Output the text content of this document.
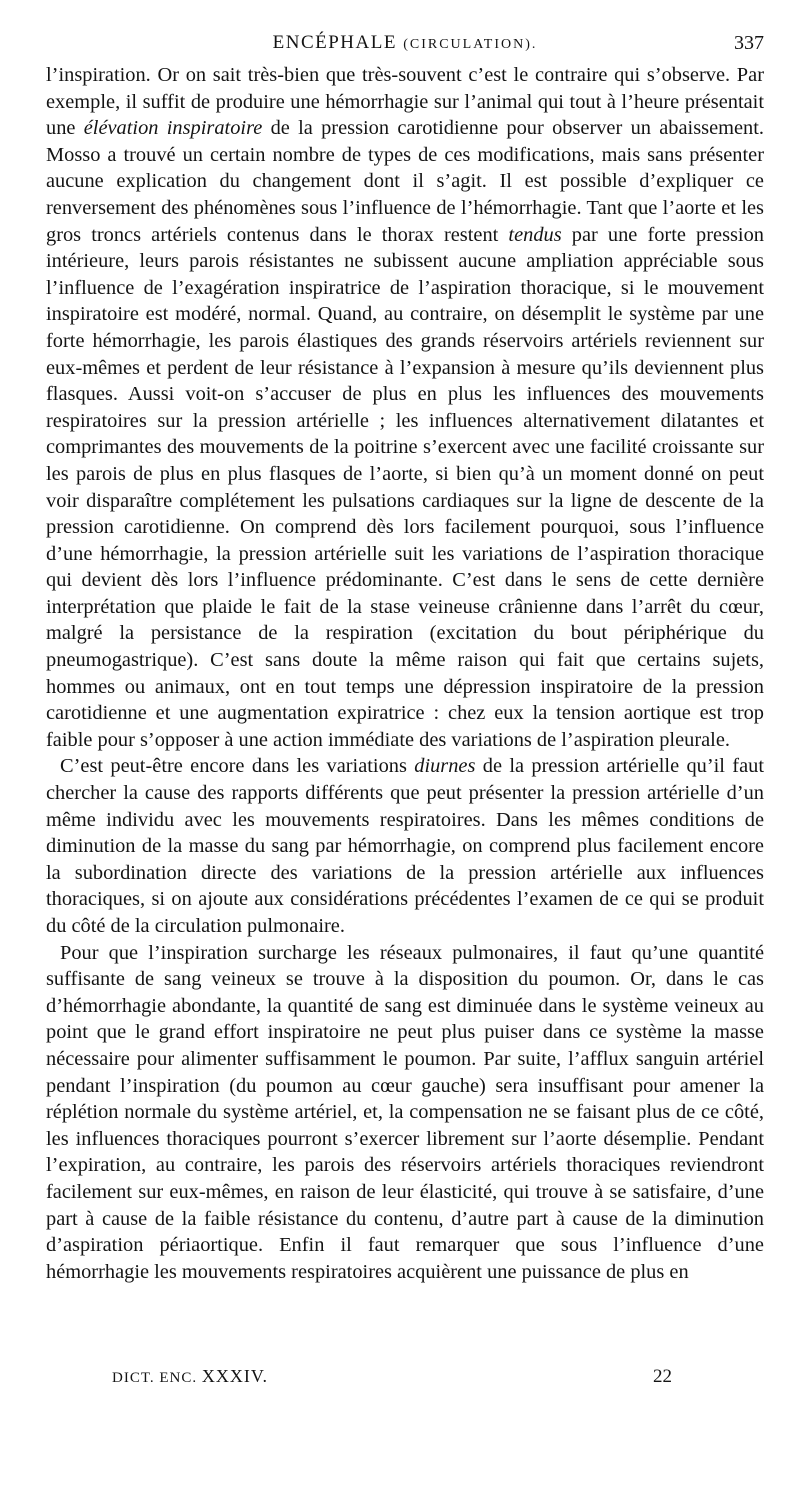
ENCÉPHALE (CIRCULATION).	337

l’inspiration. Or on sait très-bien que très-souvent c’est le contraire qui s’observe. Par exemple, il suffit de produire une hémorrhagie sur l’animal qui tout à l’heure présentait une élévation inspiratoire de la pression carotidienne pour observer un abaissement. Mosso a trouvé un certain nombre de types de ces modifications, mais sans présenter aucune explication du changement dont il s’agit. Il est possible d’expliquer ce renversement des phénomènes sous l’influence de l’hémorrhagie. Tant que l’aorte et les gros troncs artériels contenus dans le thorax restent tendus par une forte pression intérieure, leurs parois résistantes ne subissent aucune ampliation appréciable sous l’influence de l’exagération inspiratrice de l’aspiration thoracique, si le mouvement inspiratoire est modéré, normal. Quand, au contraire, on désemplit le système par une forte hémorrhagie, les parois élastiques des grands réservoirs artériels reviennent sur eux-mêmes et perdent de leur résistance à l’expansion à mesure qu’ils deviennent plus flasques. Aussi voit-on s’accuser de plus en plus les influences des mouvements respiratoires sur la pression artérielle ; les influences alternativement dilatantes et comprimantes des mouvements de la poitrine s’exercent avec une facilité croissante sur les parois de plus en plus flasques de l’aorte, si bien qu’à un moment donné on peut voir disparaître complétement les pulsations cardiaques sur la ligne de descente de la pression carotidienne. On comprend dès lors facilement pourquoi, sous l’influence d’une hémorrhagie, la pression artérielle suit les variations de l’aspiration thoracique qui devient dès lors l’influence prédominante. C’est dans le sens de cette dernière interprétation que plaide le fait de la stase veineuse crânienne dans l’arrêt du cœur, malgré la persistance de la respiration (excitation du bout périphérique du pneumogastrique). C’est sans doute la même raison qui fait que certains sujets, hommes ou animaux, ont en tout temps une dépression inspiratoire de la pression carotidienne et une augmentation expiratrice : chez eux la tension aortique est trop faible pour s’opposer à une action immédiate des variations de l’aspiration pleurale.

C’est peut-être encore dans les variations diurnes de la pression artérielle qu’il faut chercher la cause des rapports différents que peut présenter la pression artérielle d’un même individu avec les mouvements respiratoires. Dans les mêmes conditions de diminution de la masse du sang par hémorrhagie, on comprend plus facilement encore la subordination directe des variations de la pression artérielle aux influences thoraciques, si on ajoute aux considérations précédentes l’examen de ce qui se produit du côté de la circulation pulmonaire.

Pour que l’inspiration surcharge les réseaux pulmonaires, il faut qu’une quantité suffisante de sang veineux se trouve à la disposition du poumon. Or, dans le cas d’hémorrhagie abondante, la quantité de sang est diminuée dans le système veineux au point que le grand effort inspiratoire ne peut plus puiser dans ce système la masse nécessaire pour alimenter suffisamment le poumon. Par suite, l’afflux sanguin artériel pendant l’inspiration (du poumon au cœur gauche) sera insuffisant pour amener la réplétion normale du système artériel, et, la compensation ne se faisant plus de ce côté, les influences thoraciques pourront s’exercer librement sur l’aorte désemplie. Pendant l’expiration, au contraire, les parois des réservoirs artériels thoraciques reviendront facilement sur eux-mêmes, en raison de leur élasticité, qui trouve à se satisfaire, d’une part à cause de la faible résistance du contenu, d’autre part à cause de la diminution d’aspiration périaortique. Enfin il faut remarquer que sous l’influence d’une hémorrhagie les mouvements respiratoires acquièrent une puissance de plus en

DICT. ENC. XXXIV.	22
